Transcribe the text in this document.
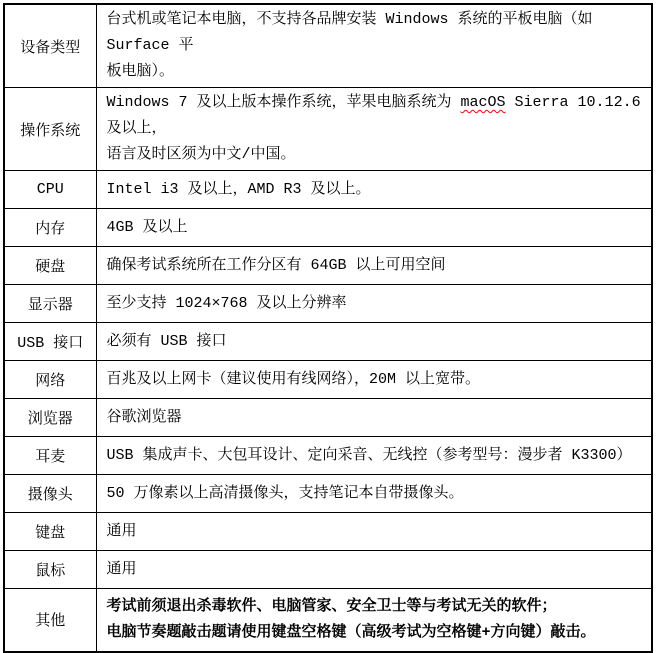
设备类型	台式机或笔记本电脑，不支持各品牌安装 Windows 系统的平板电脑（如 Surface 平
板电脑）。

操作系统	Windows 7 及以上版本操作系统，苹果电脑系统为 macOS Sierra 10.12.6 及以上，
语言及时区须为中文/中国。

CPU	Intel i3 及以上，AMD R3 及以上。

内存	4GB 及以上

硬盘	确保考试系统所在工作分区有 64GB 以上可用空间

显示器	至少支持 1024×768 及以上分辨率

USB 接口	必须有 USB 接口

网络	百兆及以上网卡（建议使用有线网络），20M 以上宽带。

浏览器	谷歌浏览器

耳麦	USB 集成声卡、大包耳设计、定向采音、无线控（参考型号：漫步者 K3300）

摄像头	50 万像素以上高清摄像头，支持笔记本自带摄像头。

键盘	通用

鼠标	通用

其他	考试前须退出杀毒软件、电脑管家、安全卫士等与考试无关的软件；
电脑节奏题敲击题请使用键盘空格键（高级考试为空格键+方向键）敲击。
